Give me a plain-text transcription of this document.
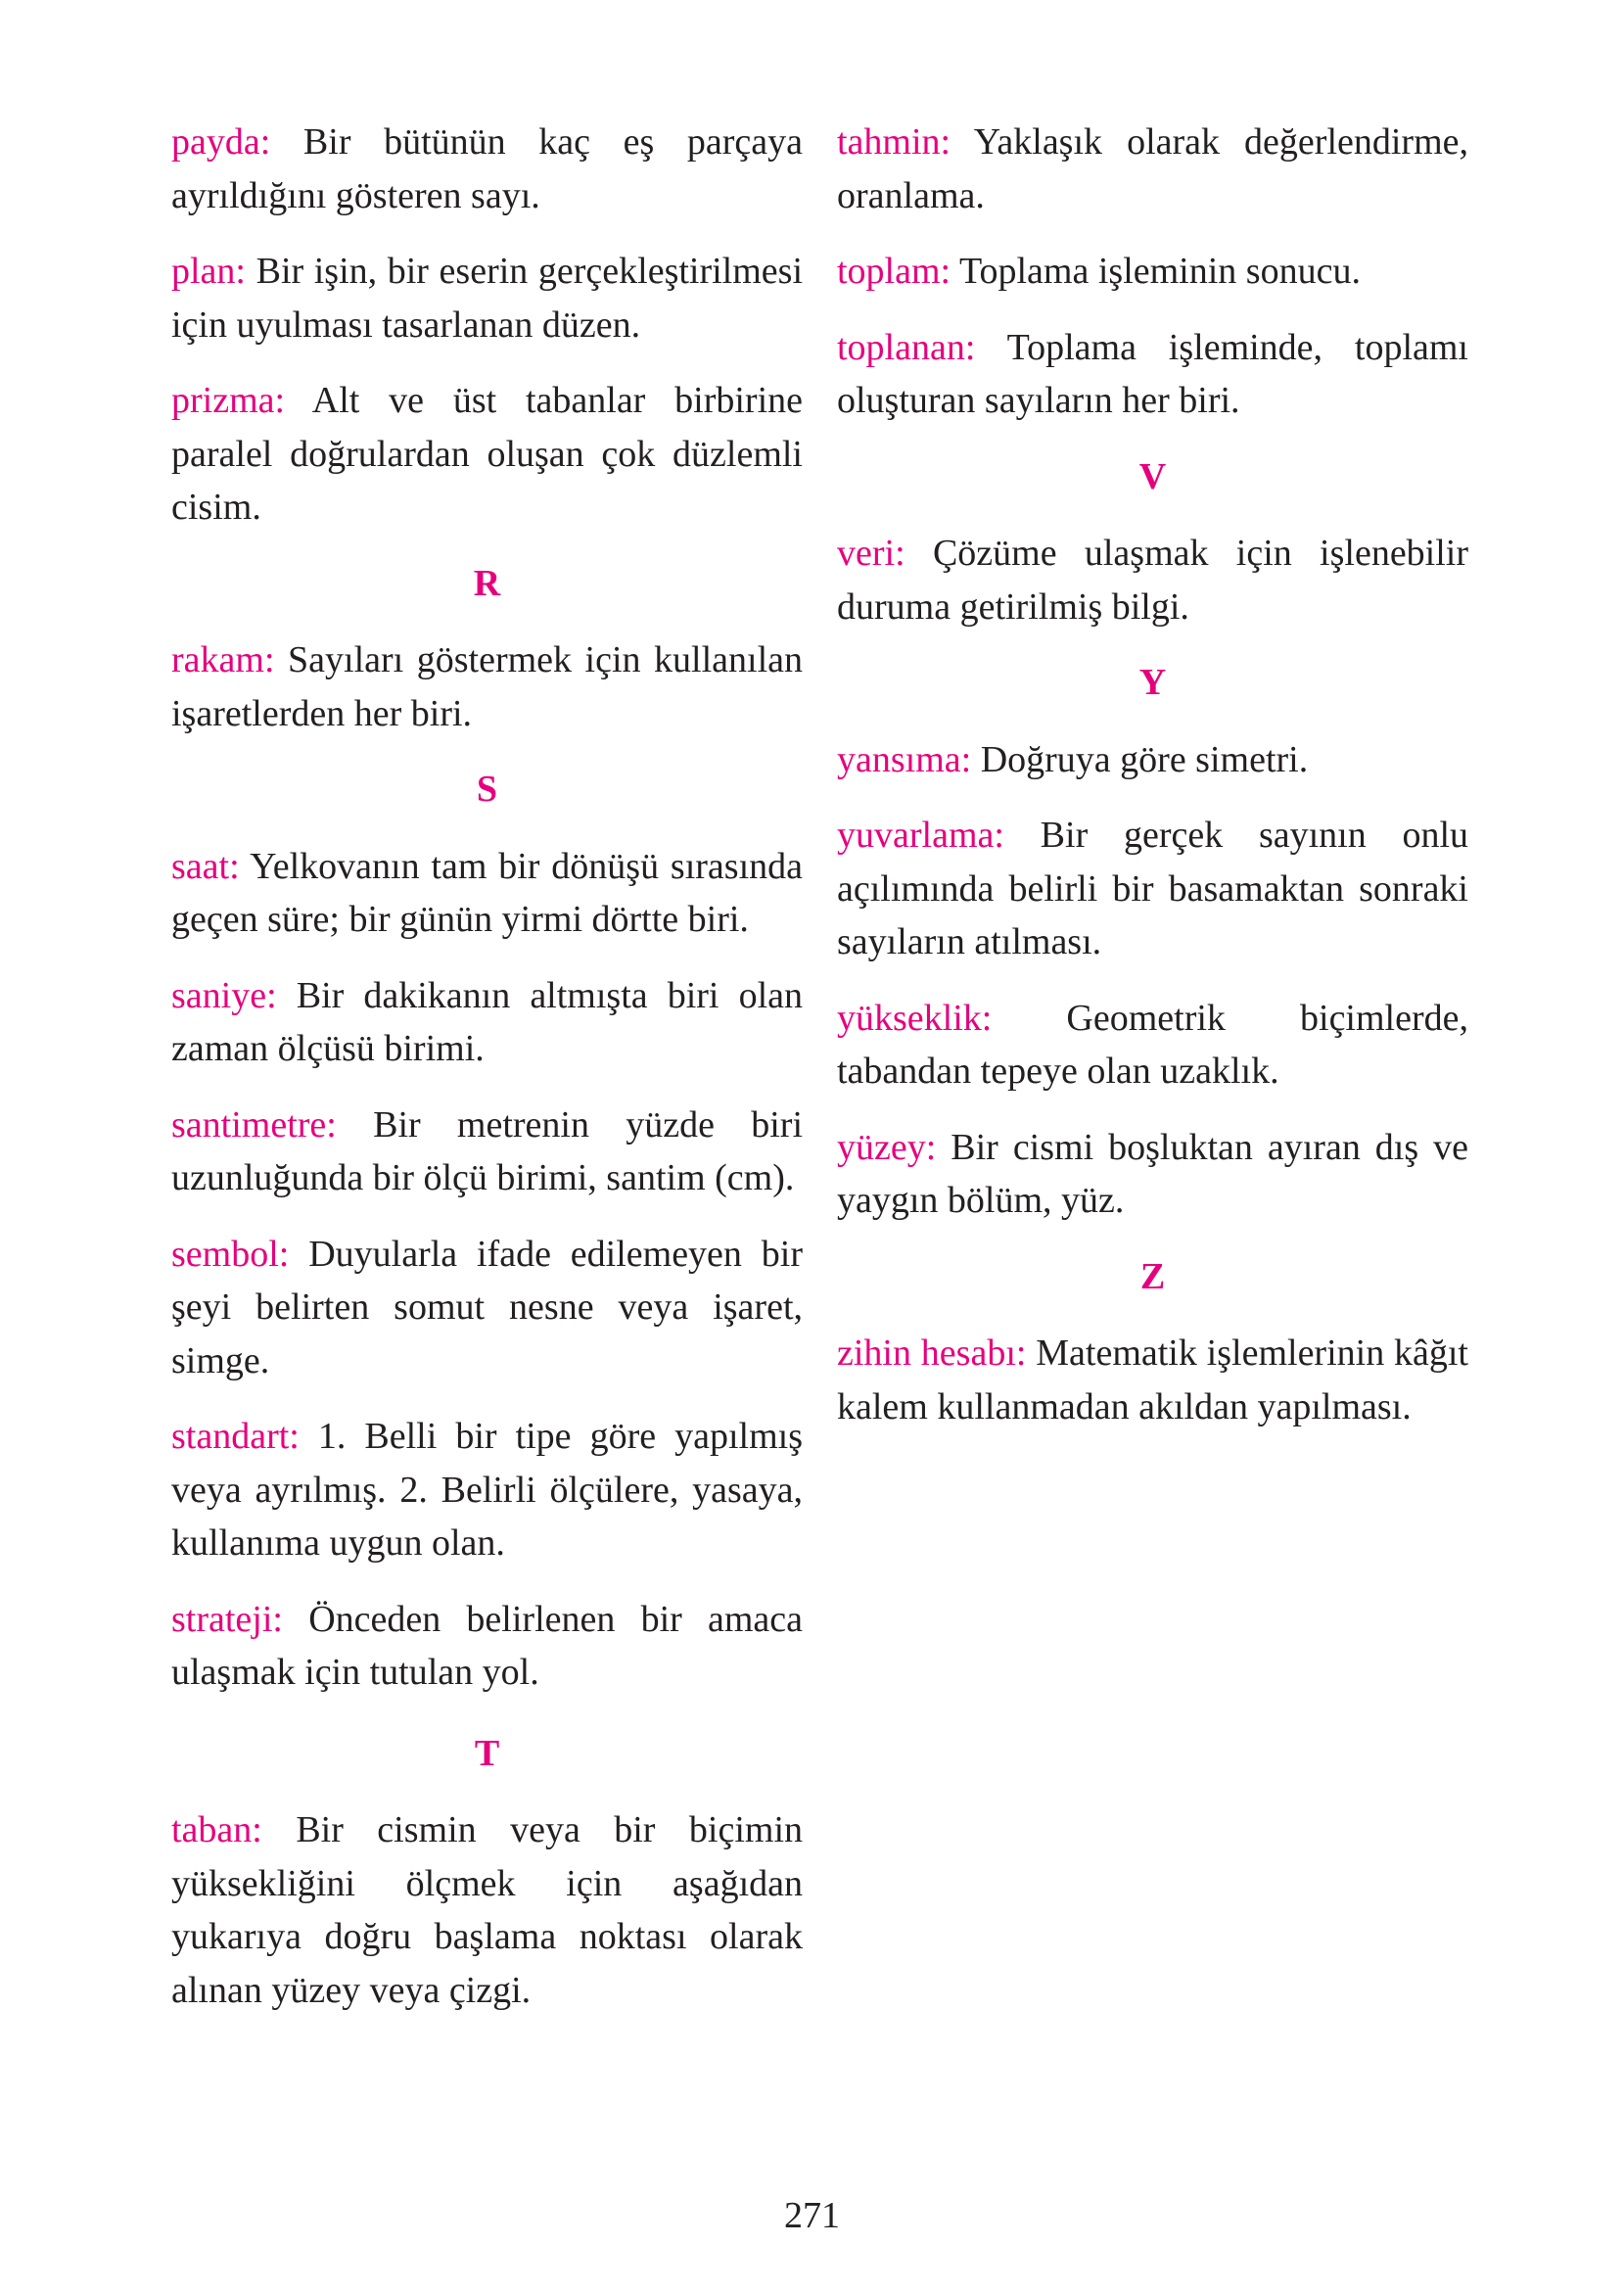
payda: Bir bütünün kaç eş parçaya ayrıldığını gösteren sayı.

plan: Bir işin, bir eserin gerçekleştirilmesi için uyulması tasarlanan düzen.

prizma: Alt ve üst tabanlar birbirine paralel doğrulardan oluşan çok düzlemli cisim.

R

rakam: Sayıları göstermek için kullanılan işaretlerden her biri.

S

saat: Yelkovanın tam bir dönüşü sırasında geçen süre; bir günün yirmi dörtte biri.

saniye: Bir dakikanın altmışta biri olan zaman ölçüsü birimi.

santimetre: Bir metrenin yüzde biri uzunluğunda bir ölçü birimi, santim (cm).

sembol: Duyularla ifade edilemeyen bir şeyi belirten somut nesne veya işaret, simge.

standart: 1. Belli bir tipe göre yapılmış veya ayrılmış. 2. Belirli ölçülere, yasaya, kullanıma uygun olan.

strateji: Önceden belirlenen bir amaca ulaşmak için tutulan yol.

T

taban: Bir cismin veya bir biçimin yüksekliğini ölçmek için aşağıdan yukarıya doğru başlama noktası olarak alınan yüzey veya çizgi.

tahmin: Yaklaşık olarak değerlendirme, oranlama.

toplam: Toplama işleminin sonucu.

toplanan: Toplama işleminde, toplamı oluşturan sayıların her biri.

V

veri: Çözüme ulaşmak için işlenebilir duruma getirilmiş bilgi.

Y

yansıma: Doğruya göre simetri.

yuvarlama: Bir gerçek sayının onlu açılımında belirli bir basamaktan sonraki sayıların atılması.

yükseklik: Geometrik biçimlerde, tabandan tepeye olan uzaklık.

yüzey: Bir cismi boşluktan ayıran dış ve yaygın bölüm, yüz.

Z

zihin hesabı: Matematik işlemlerinin kâğıt kalem kullanmadan akıldan yapılması.

271
